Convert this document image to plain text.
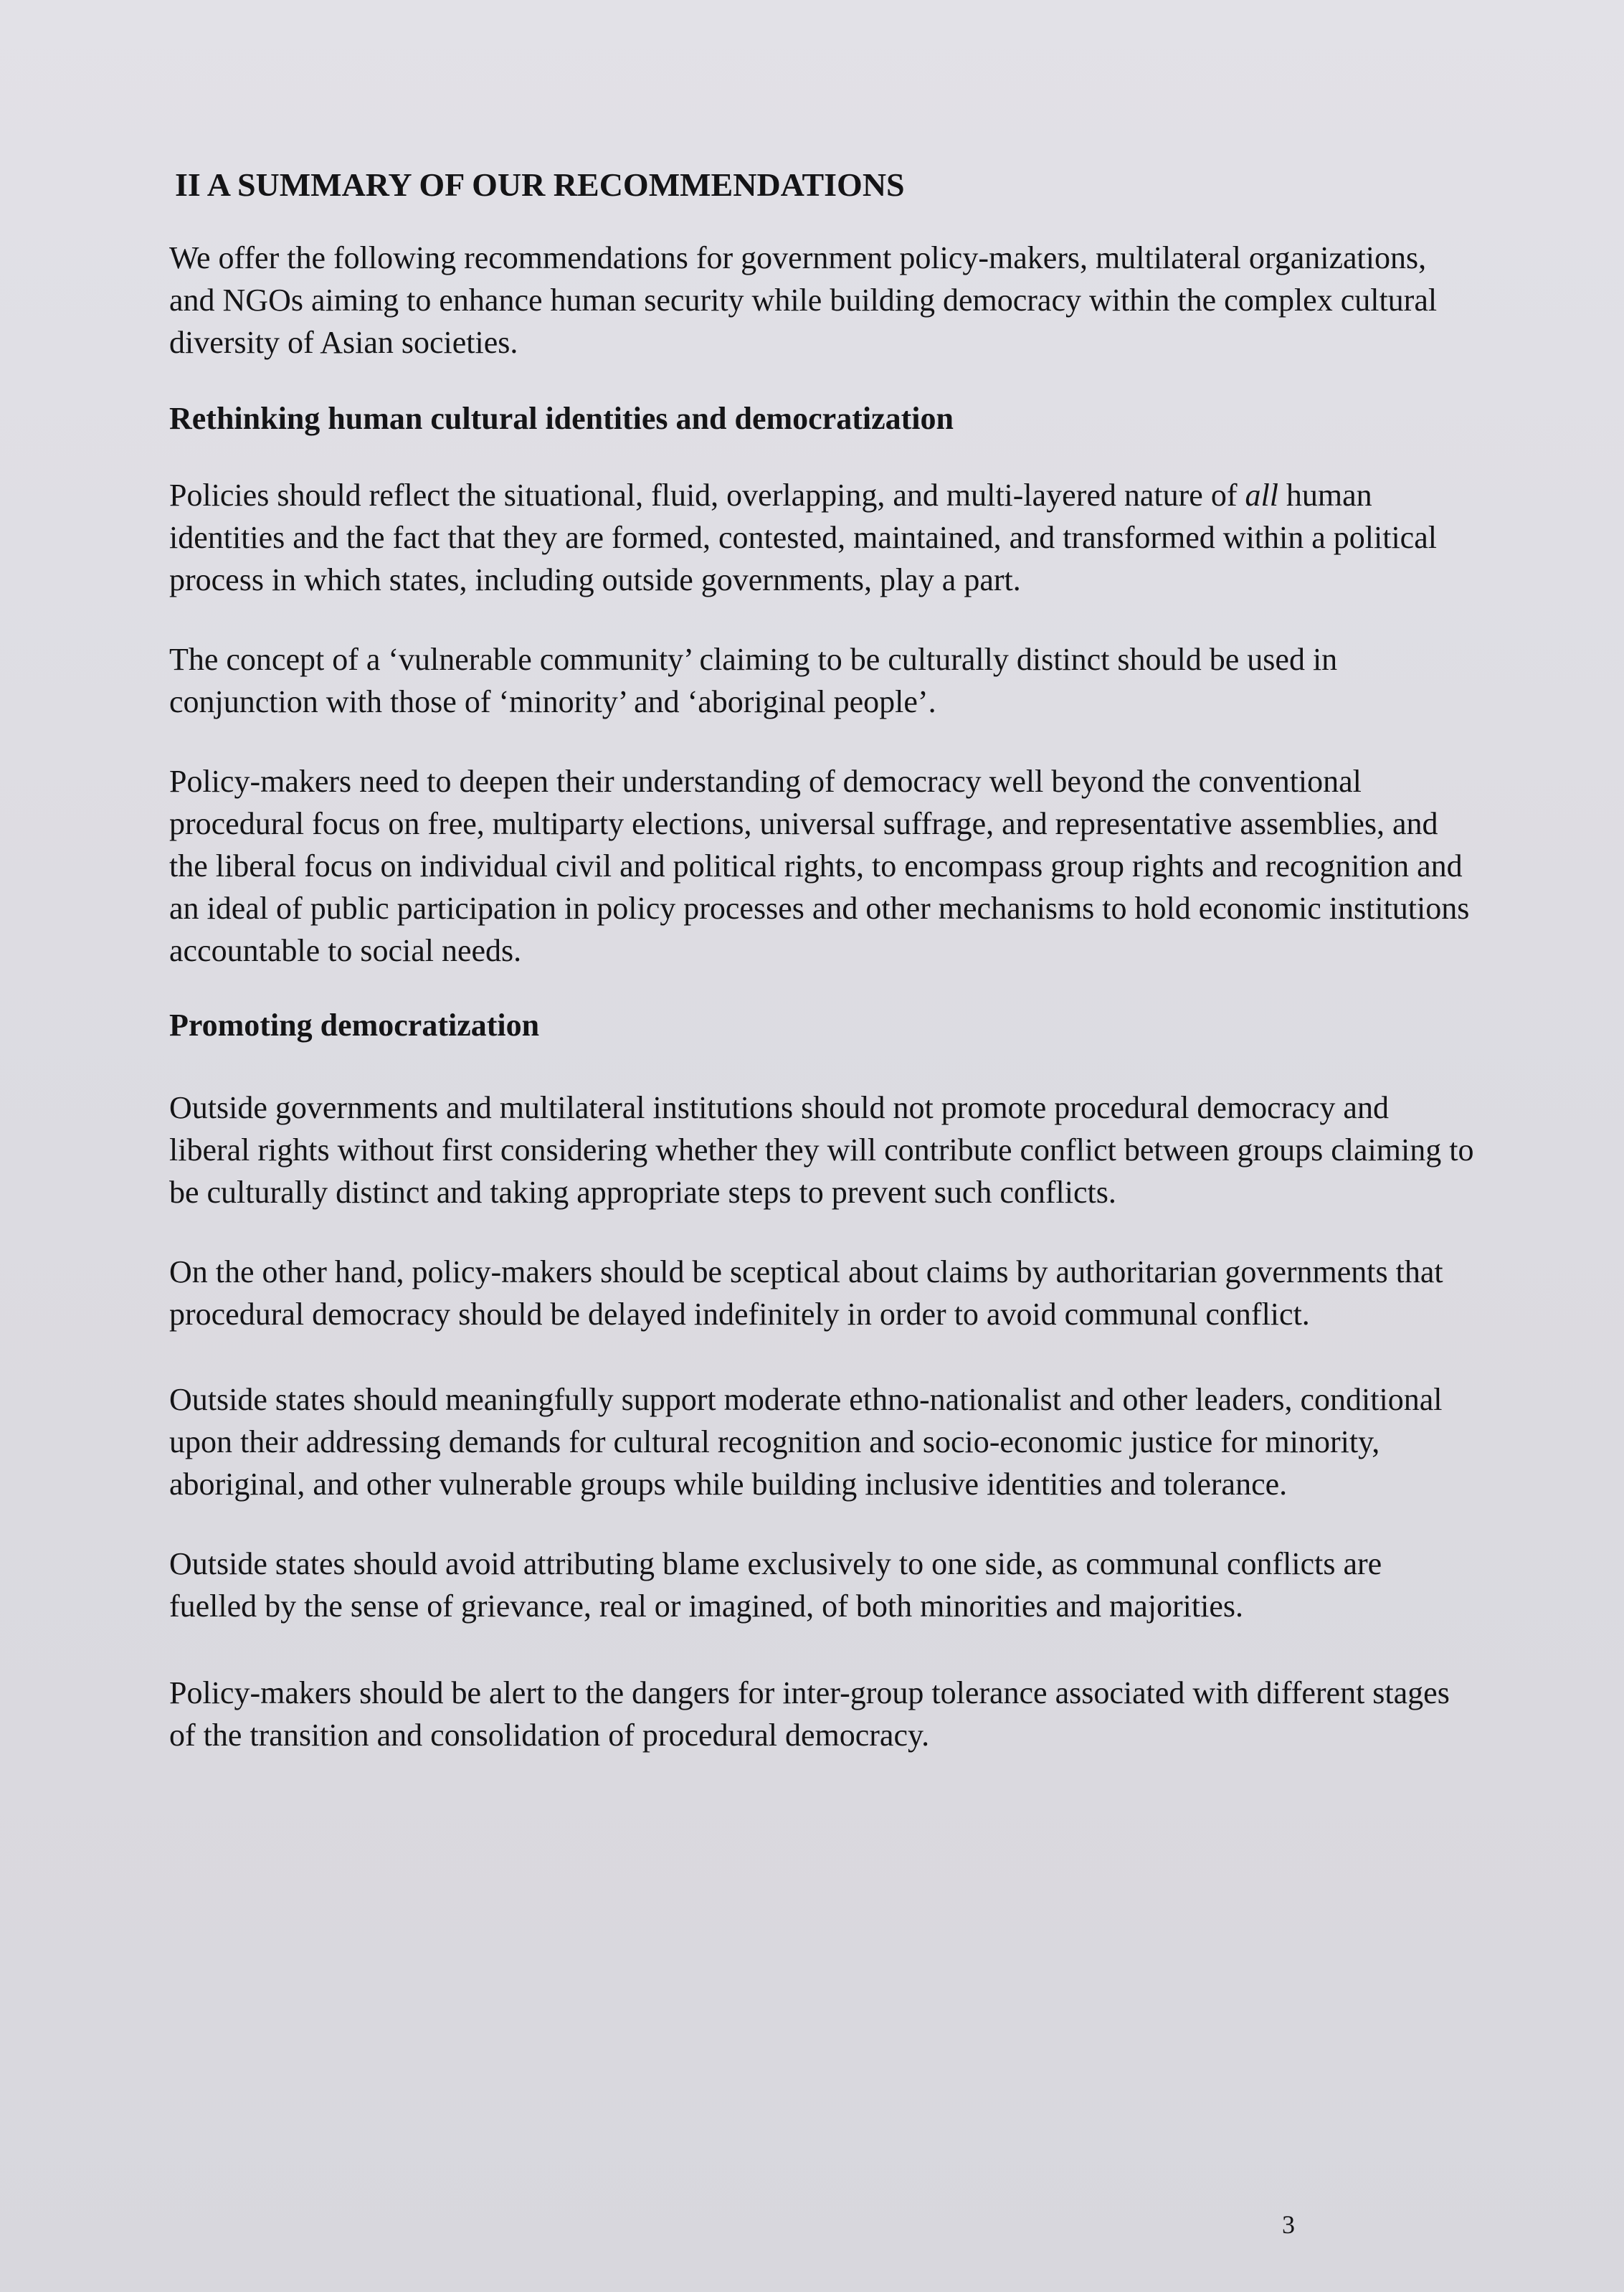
II A SUMMARY OF OUR RECOMMENDATIONS
We offer the following recommendations for government policy-makers, multilateral organizations, and NGOs aiming to enhance human security while building democracy within the complex cultural diversity of Asian societies.
Rethinking human cultural identities and democratization
Policies should reflect the situational, fluid, overlapping, and multi-layered nature of all human identities and the fact that they are formed, contested, maintained, and transformed within a political process in which states, including outside governments, play a part.
The concept of a ‘vulnerable community’ claiming to be culturally distinct should be used in conjunction with those of ‘minority’ and ‘aboriginal people’.
Policy-makers need to deepen their understanding of democracy well beyond the conventional procedural focus on free, multiparty elections, universal suffrage, and representative assemblies, and the liberal focus on individual civil and political rights, to encompass group rights and recognition and an ideal of public participation in policy processes and other mechanisms to hold economic institutions accountable to social needs.
Promoting democratization
Outside governments and multilateral institutions should not promote procedural democracy and liberal rights without first considering whether they will contribute conflict between groups claiming to be culturally distinct and taking appropriate steps to prevent such conflicts.
On the other hand, policy-makers should be sceptical about claims by authoritarian governments that procedural democracy should be delayed indefinitely in order to avoid communal conflict.
Outside states should meaningfully support moderate ethno-nationalist and other leaders, conditional upon their addressing demands for cultural recognition and socio-economic justice for minority, aboriginal, and other vulnerable groups while building inclusive identities and tolerance.
Outside states should avoid attributing blame exclusively to one side, as communal conflicts are fuelled by the sense of grievance, real or imagined, of both minorities and majorities.
Policy-makers should be alert to the dangers for inter-group tolerance associated with different stages of the transition and consolidation of procedural democracy.
3
